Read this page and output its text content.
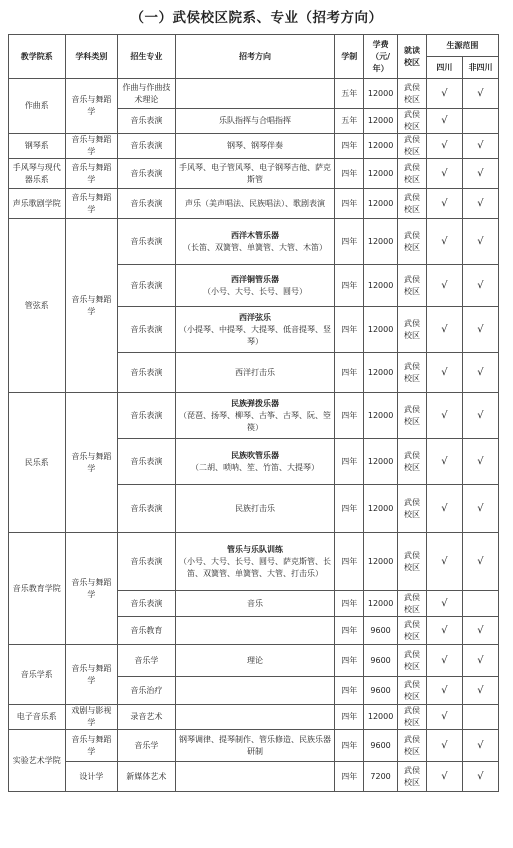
（一）武侯校区院系、专业（招考方向）
教学院系	学科类别	招生专业	招考方向	学制	学费（元/年）	就读校区	生源范围	
							四川	非四川
作曲系	音乐与舞蹈学	作曲与作曲技术理论		五年	12000	武侯校区	√	√
		音乐表演	乐队指挥与合唱指挥	五年	12000	武侯校区	√	
钢琴系	音乐与舞蹈学	音乐表演	钢琴、钢琴伴奏	四年	12000	武侯校区	√	√
手风琴与现代器乐系	音乐与舞蹈学	音乐表演	手风琴、电子管风琴、电子钢琴吉他、萨克斯管	四年	12000	武侯校区	√	√
声乐歌剧学院	音乐与舞蹈学	音乐表演	声乐（美声唱法、民族唱法）、歌剧表演	四年	12000	武侯校区	√	√
管弦系	音乐与舞蹈学	音乐表演	西洋木管乐器
（长笛、双簧管、单簧管、大管、木笛）	四年	12000	武侯校区	√	√
		音乐表演	西洋铜管乐器
（小号、大号、长号、圆号）	四年	12000	武侯校区	√	√
		音乐表演	西洋弦乐
（小提琴、中提琴、大提琴、低音提琴、竖琴）	四年	12000	武侯校区	√	√
		音乐表演	西洋打击乐	四年	12000	武侯校区	√	√
民乐系	音乐与舞蹈学	音乐表演	民族弹拨乐器
（琵琶、扬琴、柳琴、古筝、古琴、阮、箜篌）	四年	12000	武侯校区	√	√
		音乐表演	民族吹管乐器
（二胡、唢呐、笙、竹笛、大提琴）	四年	12000	武侯校区	√	√
		音乐表演	民族打击乐	四年	12000	武侯校区	√	√
音乐教育学院	音乐与舞蹈学	音乐表演	管乐与乐队训练
（小号、大号、长号、圆号、萨克斯管、长笛、双簧管、单簧管、大管、打击乐）	四年	12000	武侯校区	√	√
		音乐表演	音乐	四年	12000	武侯校区	√	
		音乐教育		四年	9600	武侯校区	√	√
音乐学系	音乐与舞蹈学	音乐学	理论	四年	9600	武侯校区	√	√
		音乐治疗		四年	9600	武侯校区	√	√
电子音乐系	戏剧与影视学	录音艺术		四年	12000	武侯校区	√	
实验艺术学院	音乐与舞蹈学	音乐学	钢琴调律、提琴制作、管乐修造、民族乐器研制	四年	9600	武侯校区	√	√
	设计学	新媒体艺术		四年	7200	武侯校区	√	√
